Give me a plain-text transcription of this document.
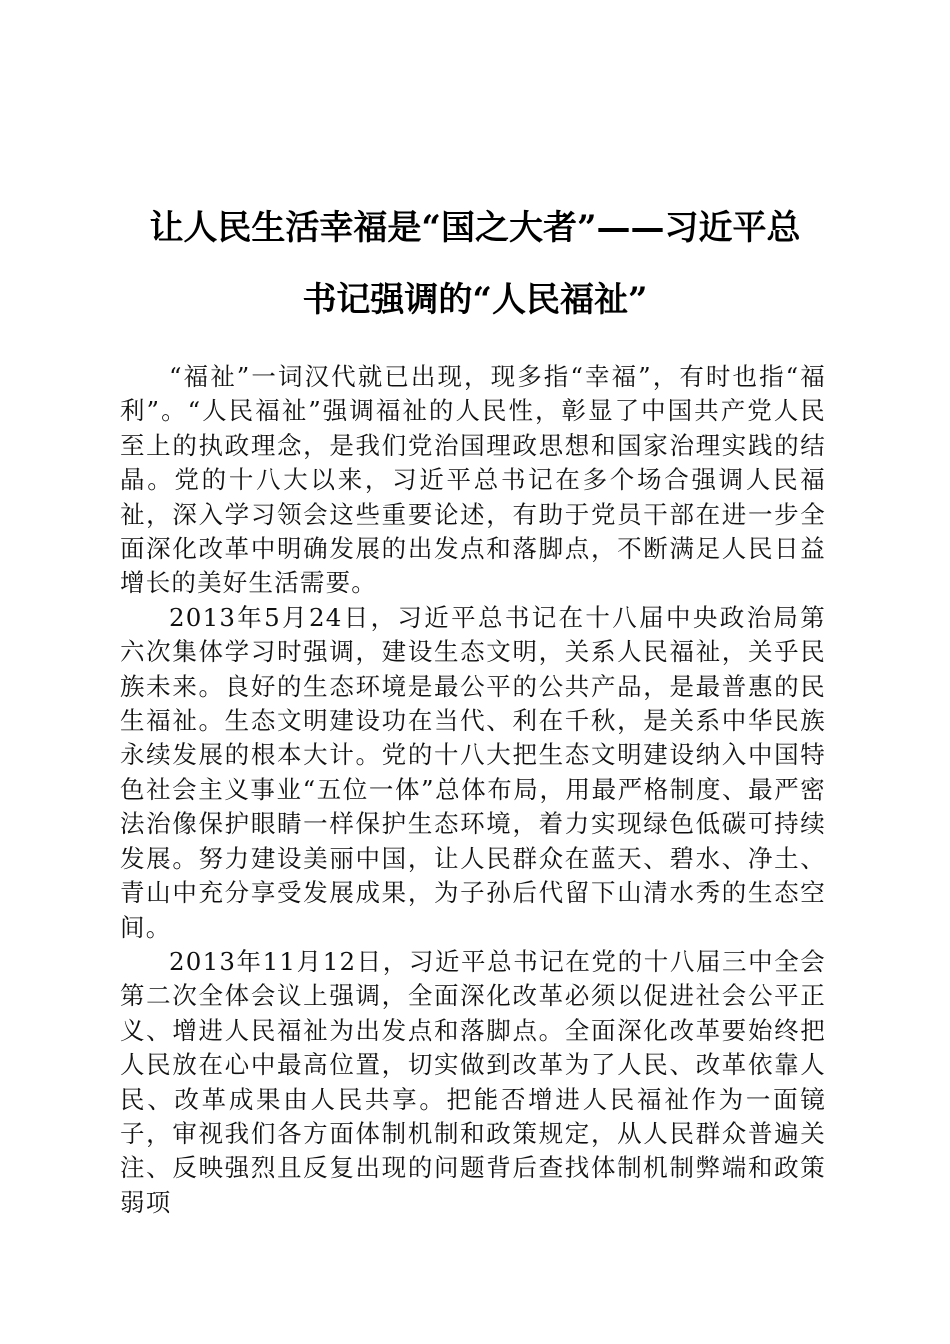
让人民生活幸福是“国之大者”——习近平总
书记强调的“人民福祉”

“福祉”一词汉代就已出现，现多指“幸福”，有时也指“福利”。“人民福祉”强调福祉的人民性，彰显了中国共产党人民至上的执政理念，是我们党治国理政思想和国家治理实践的结晶。党的十八大以来，习近平总书记在多个场合强调人民福祉，深入学习领会这些重要论述，有助于党员干部在进一步全面深化改革中明确发展的出发点和落脚点，不断满足人民日益增长的美好生活需要。

2013年5月24日，习近平总书记在十八届中央政治局第六次集体学习时强调，建设生态文明，关系人民福祉，关乎民族未来。良好的生态环境是最公平的公共产品，是最普惠的民生福祉。生态文明建设功在当代、利在千秋，是关系中华民族永续发展的根本大计。党的十八大把生态文明建设纳入中国特色社会主义事业“五位一体”总体布局，用最严格制度、最严密法治像保护眼睛一样保护生态环境，着力实现绿色低碳可持续发展。努力建设美丽中国，让人民群众在蓝天、碧水、净土、青山中充分享受发展成果，为子孙后代留下山清水秀的生态空间。

2013年11月12日，习近平总书记在党的十八届三中全会第二次全体会议上强调，全面深化改革必须以促进社会公平正义、增进人民福祉为出发点和落脚点。全面深化改革要始终把人民放在心中最高位置，切实做到改革为了人民、改革依靠人民、改革成果由人民共享。把能否增进人民福祉作为一面镜子，审视我们各方面体制机制和政策规定，从人民群众普遍关注、反映强烈且反复出现的问题背后查找体制机制弊端和政策弱项
